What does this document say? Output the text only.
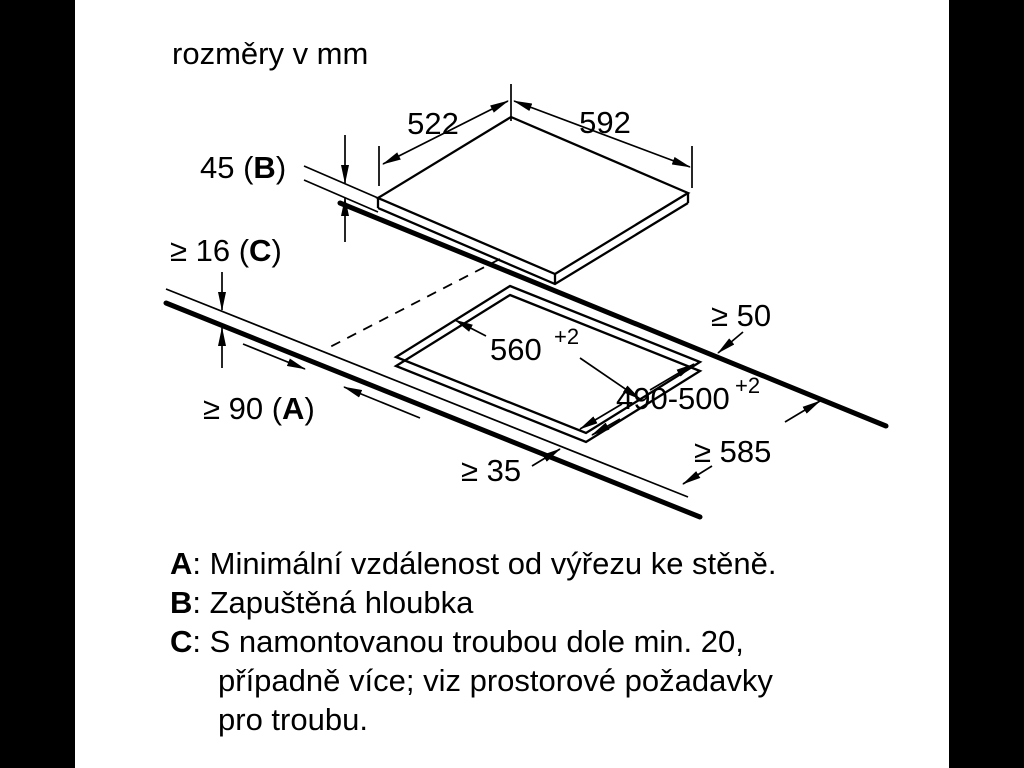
rozměry v mm
522	592
45 (B)
≥ 16 (C)
560 +2
490-500 +2
≥ 50
≥ 90 (A)
≥ 35
≥ 585
A: Minimální vzdálenost od výřezu ke stěně.
B: Zapuštěná hloubka
C: S namontovanou troubou dole min. 20,
případně více; viz prostorové požadavky
pro troubu.
